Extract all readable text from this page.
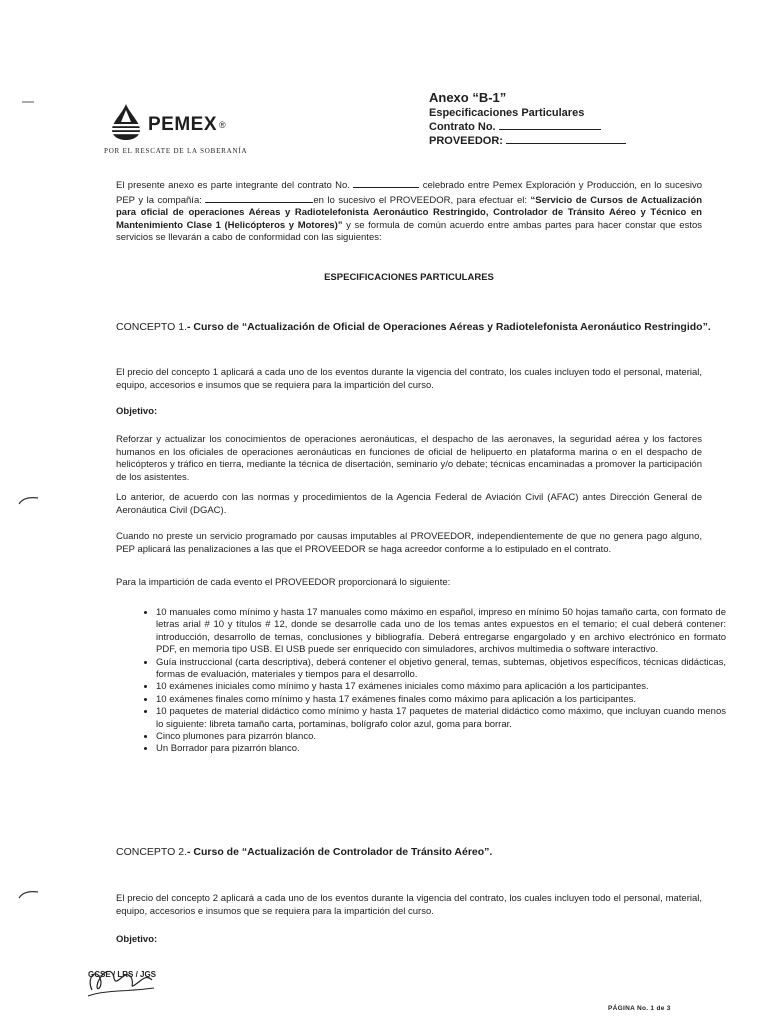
PEMEX ®
POR EL RESCATE DE LA SOBERANÍA
Anexo “B-1”
Especificaciones Particulares
Contrato No.
PROVEEDOR:
El presente anexo es parte integrante del contrato No.	celebrado entre Pemex Exploración y Producción, en lo sucesivo PEP y la compañía:	en lo sucesivo el PROVEEDOR, para efectuar el: “Servicio de Cursos de Actualización para oficial de operaciones Aéreas y Radiotelefonista Aeronáutico Restringido, Controlador de Tránsito Aéreo y Técnico en Mantenimiento Clase 1 (Helicópteros y Motores)” y se formula de común acuerdo entre ambas partes para hacer constar que estos servicios se llevarán a cabo de conformidad con las siguientes:
ESPECIFICACIONES PARTICULARES
CONCEPTO 1.- Curso de “Actualización de Oficial de Operaciones Aéreas y Radiotelefonista Aeronáutico Restringido”.
El precio del concepto 1 aplicará a cada uno de los eventos durante la vigencia del contrato, los cuales incluyen todo el personal, material, equipo, accesorios e insumos que se requiera para la impartición del curso.
Objetivo:
Reforzar y actualizar los conocimientos de operaciones aeronáuticas, el despacho de las aeronaves, la seguridad aérea y los factores humanos en los oficiales de operaciones aeronáuticas en funciones de oficial de helipuerto en plataforma marina o en el despacho de helicópteros y tráfico en tierra, mediante la técnica de disertación, seminario y/o debate; técnicas encaminadas a promover la participación de los asistentes.
Lo anterior, de acuerdo con las normas y procedimientos de la Agencia Federal de Aviación Civil (AFAC) antes Dirección General de Aeronáutica Civil (DGAC).
Cuando no preste un servicio programado por causas imputables al PROVEEDOR, independientemente de que no genera pago alguno, PEP aplicará las penalizaciones a las que el PROVEEDOR se haga acreedor conforme a lo estipulado en el contrato.
Para la impartición de cada evento el PROVEEDOR proporcionará lo siguiente:
• 10 manuales como mínimo y hasta 17 manuales como máximo en español, impreso en mínimo 50 hojas tamaño carta, con formato de letras arial # 10 y títulos # 12, donde se desarrolle cada uno de los temas antes expuestos en el temario; el cual deberá contener: introducción, desarrollo de temas, conclusiones y bibliografía. Deberá entregarse engargolado y en archivo electrónico en formato PDF, en memoria tipo USB. El USB puede ser enriquecido con simuladores, archivos multimedia o software interactivo.
• Guía instruccional (carta descriptiva), deberá contener el objetivo general, temas, subtemas, objetivos específicos, técnicas didácticas, formas de evaluación, materiales y tiempos para el desarrollo.
• 10 exámenes iniciales como mínimo y hasta 17 exámenes iniciales como máximo para aplicación a los participantes.
• 10 exámenes finales como mínimo y hasta 17 exámenes finales como máximo para aplicación a los participantes.
• 10 paquetes de material didáctico como mínimo y hasta 17 paquetes de material didáctico como máximo, que incluyan cuando menos lo siguiente: libreta tamaño carta, portaminas, bolígrafo color azul, goma para borrar.
• Cinco plumones para pizarrón blanco.
• Un Borrador para pizarrón blanco.
CONCEPTO 2.- Curso de “Actualización de Controlador de Tránsito Aéreo”.
El precio del concepto 2 aplicará a cada uno de los eventos durante la vigencia del contrato, los cuales incluyen todo el personal, material, equipo, accesorios e insumos que se requiera para la impartición del curso.
Objetivo:
GCSE / LRS / JGS
PÁGINA No. 1 de 3
